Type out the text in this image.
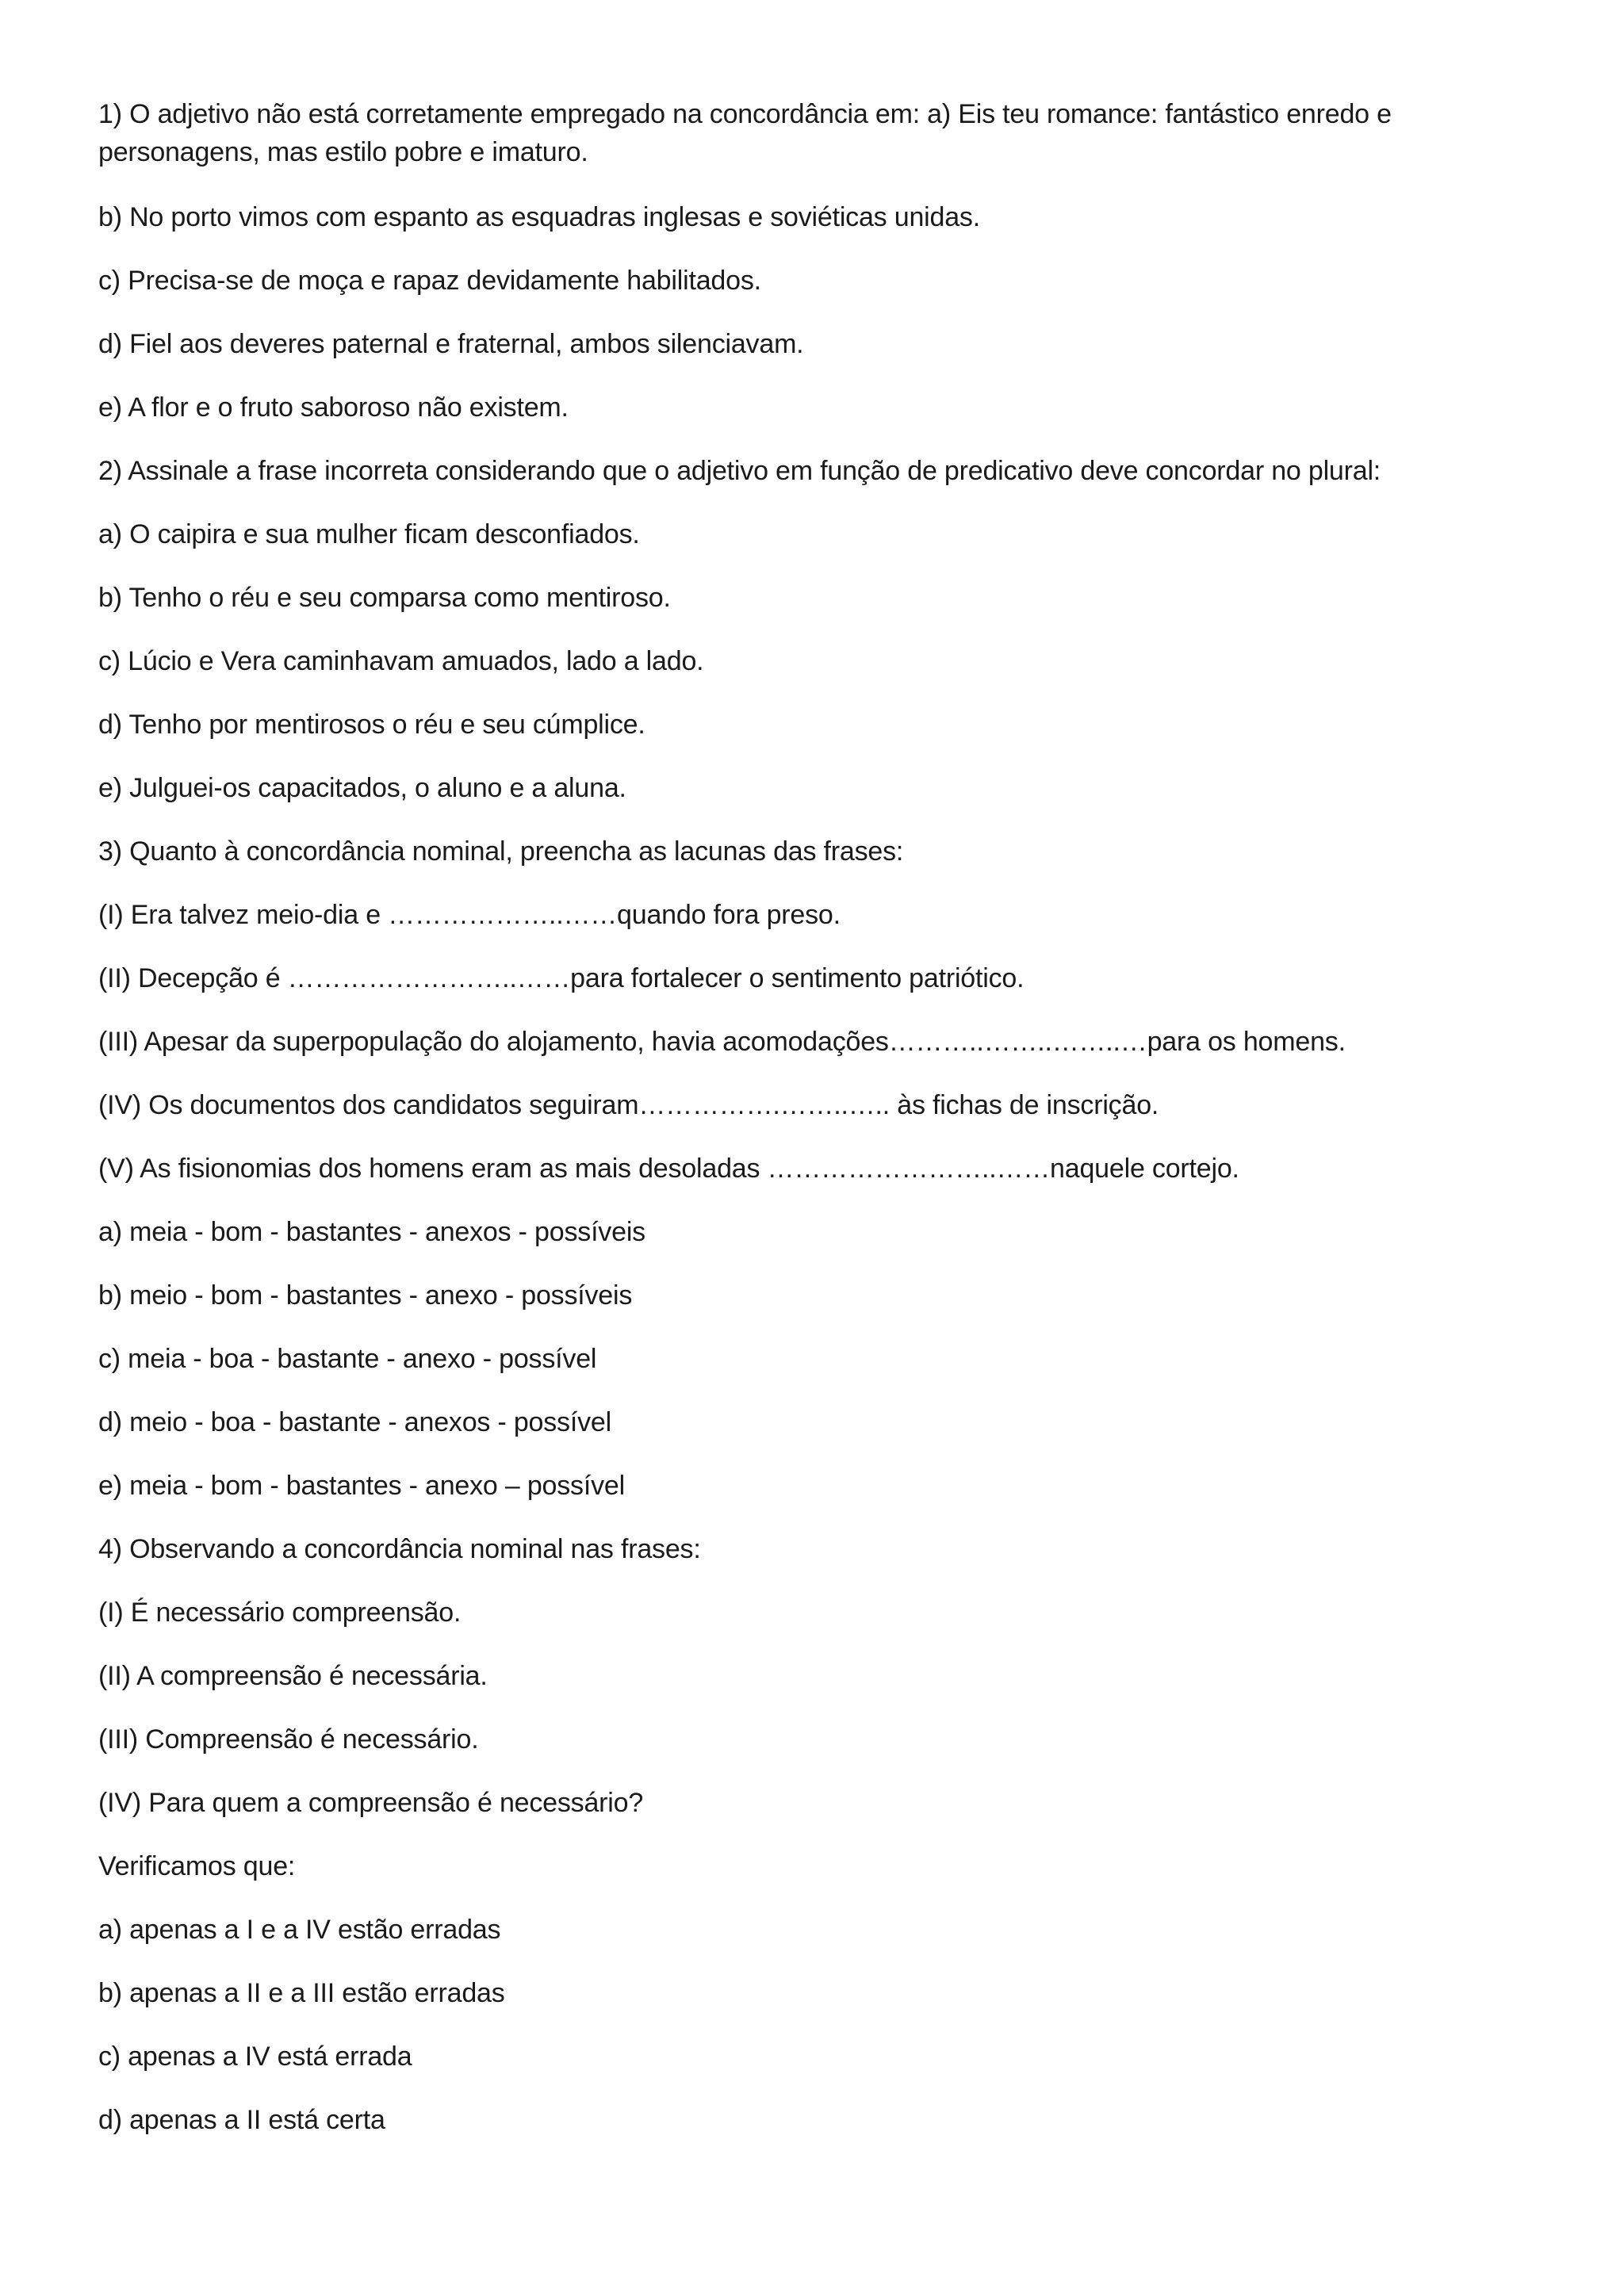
1) O adjetivo não está corretamente empregado na concordância em: a) Eis teu romance: fantástico enredo e personagens, mas estilo pobre e imaturo.

b) No porto vimos com espanto as esquadras inglesas e soviéticas unidas.

c) Precisa-se de moça e rapaz devidamente habilitados.

d) Fiel aos deveres paternal e fraternal, ambos silenciavam.

e) A flor e o fruto saboroso não existem.

2) Assinale a frase incorreta considerando que o adjetivo em função de predicativo deve concordar no plural:

a) O caipira e sua mulher ficam desconfiados.

b) Tenho o réu e seu comparsa como mentiroso.

c) Lúcio e Vera caminhavam amuados, lado a lado.

d) Tenho por mentirosos o réu e seu cúmplice.

e) Julguei-os capacitados, o aluno e a aluna.

3) Quanto à concordância nominal, preencha as lacunas das frases:

(I) Era talvez meio-dia e ………………..……quando fora preso.

(II) Decepção é ……………………..……para fortalecer o sentimento patriótico.

(III) Apesar da superpopulação do alojamento, havia acomodações………..……..……..…para os homens.

(IV) Os documentos dos candidatos seguiram…………….……..….. às fichas de inscrição.

(V) As fisionomias dos homens eram as mais desoladas ……………………..……naquele cortejo.

a) meia - bom - bastantes - anexos - possíveis

b) meio - bom - bastantes - anexo - possíveis

c) meia - boa - bastante - anexo - possível

d) meio - boa - bastante - anexos - possível

e) meia - bom - bastantes - anexo – possível

4) Observando a concordância nominal nas frases:

(I) É necessário compreensão.

(II) A compreensão é necessária.

(III) Compreensão é necessário.

(IV) Para quem a compreensão é necessário?

Verificamos que:

a) apenas a I e a IV estão erradas

b) apenas a II e a III estão erradas

c) apenas a IV está errada

d) apenas a II está certa
